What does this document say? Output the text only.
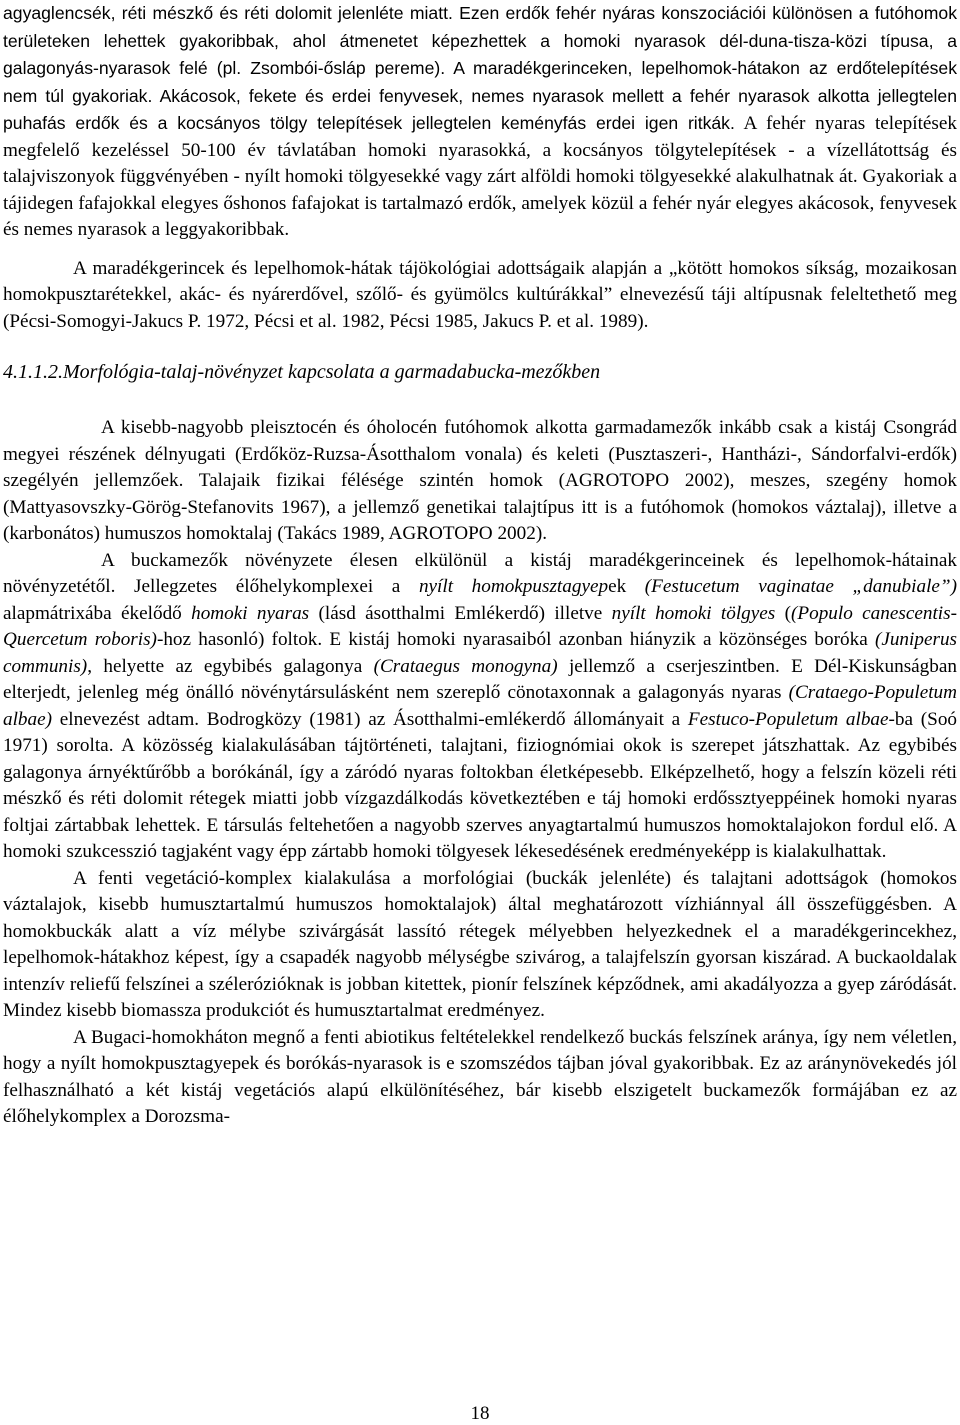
agyaglencsék, réti mészkő és réti dolomit jelenléte miatt. Ezen erdők fehér nyáras konszociációi különösen a futóhomok területeken lehettek gyakoribbak, ahol átmenetet képezhettek a homoki nyarasok dél-duna-tisza-közi típusa, a galagonyás-nyarasok felé (pl. Zsombói-ősláp pereme). A maradékgerinceken, lepelhomok-hátakon az erdőtelepítések nem túl gyakoriak. Akácosok, fekete és erdei fenyvesek, nemes nyarasok mellett a fehér nyarasok alkotta jellegtelen puhafás erdők és a kocsányos tölgy telepítések jellegtelen keményfás erdei igen ritkák. A fehér nyaras telepítések megfelelő kezeléssel 50-100 év távlatában homoki nyarasokká, a kocsányos tölgytelepítések - a vízellátottság és talajviszonyok függvényében - nyílt homoki tölgyesekké vagy zárt alföldi homoki tölgyesekké alakulhatnak át. Gyakoriak a tájidegen fafajokkal elegyes őshonos fafajokat is tartalmazó erdők, amelyek közül a fehér nyár elegyes akácosok, fenyvesek és nemes nyarasok a leggyakoribbak.

A maradékgerincek és lepelhomok-hátak tájökológiai adottságaik alapján a „kötött homokos síkság, mozaikosan homokpusztarétekkel, akác- és nyárerdővel, szőlő- és gyümölcs kultúrákkal” elnevezésű táji altípusnak feleltethető meg (Pécsi-Somogyi-Jakucs P. 1972, Pécsi et al. 1982, Pécsi 1985, Jakucs P. et al. 1989).

4.1.1.2.Morfológia-talaj-növényzet kapcsolata a garmadabucka-mezőkben

A kisebb-nagyobb pleisztocén és óholocén futóhomok alkotta garmadamezők inkább csak a kistáj Csongrád megyei részének délnyugati (Erdőköz-Ruzsa-Ásotthalom vonala) és keleti (Pusztaszeri-, Hantházi-, Sándorfalvi-erdők) szegélyén jellemzőek. Talajaik fizikai félésége szintén homok (AGROTOPO 2002), meszes, szegény homok (Mattyasovszky-Görög-Stefanovits 1967), a jellemző genetikai talajtípus itt is a futóhomok (homokos váztalaj), illetve a (karbonátos) humuszos homoktalaj (Takács 1989, AGROTOPO 2002).

A buckamezők növényzete élesen elkülönül a kistáj maradékgerinceinek és lepelhomok-hátainak növényzetétől. Jellegzetes élőhelykomplexei a nyílt homokpusztagyepek (Festucetum vaginatae „danubiale”) alapmátrixába ékelődő homoki nyaras (lásd ásotthalmi Emlékerdő) illetve nyílt homoki tölgyes ((Populo canescentis-Quercetum roboris)-hoz hasonló) foltok. E kistáj homoki nyarasaiból azonban hiányzik a közönséges boróka (Juniperus communis), helyette az egybibés galagonya (Crataegus monogyna) jellemző a cserjeszintben. E Dél-Kiskunságban elterjedt, jelenleg még önálló növénytársulásként nem szereplő cönotaxonnak a galagonyás nyaras (Crataego-Populetum albae) elnevezést adtam. Bodrogközy (1981) az Ásotthalmi-emlékerdő állományait a Festuco-Populetum albae-ba (Soó 1971) sorolta. A közösség kialakulásában tájtörténeti, talajtani, fiziognómiai okok is szerepet játszhattak. Az egybibés galagonya árnyéktűrőbb a borókánál, így a záródó nyaras foltokban életképesebb. Elképzelhető, hogy a felszín közeli réti mészkő és réti dolomit rétegek miatti jobb vízgazdálkodás következtében e táj homoki erdőssztyeppéinek homoki nyaras foltjai zártabbak lehettek. E társulás feltehetően a nagyobb szerves anyagtartalmú humuszos homoktalajokon fordul elő. A homoki szukcesszió tagjaként vagy épp zártabb homoki tölgyesek lékesedésének eredményeképp is kialakulhattak.

A fenti vegetáció-komplex kialakulása a morfológiai (buckák jelenléte) és talajtani adottságok (homokos váztalajok, kisebb humusztartalmú humuszos homoktalajok) által meghatározott vízhiánnyal áll összefüggésben. A homokbuckák alatt a víz mélybe szivárgását lassító rétegek mélyebben helyezkednek el a maradékgerincekhez, lepelhomok-hátakhoz képest, így a csapadék nagyobb mélységbe szivárog, a talajfelszín gyorsan kiszárad. A buckaoldalak intenzív reliefű felszínei a szélerózióknak is jobban kitettek, pionír felszínek képződnek, ami akadályozza a gyep záródását. Mindez kisebb biomassza produkciót és humusztartalmat eredményez.

A Bugaci-homokháton megnő a fenti abiotikus feltételekkel rendelkező buckás felszínek aránya, így nem véletlen, hogy a nyílt homokpusztagyepek és borókás-nyarasok is e szomszédos tájban jóval gyakoribbak. Ez az aránynövekedés jól felhasználható a két kistáj vegetációs alapú elkülönítéséhez, bár kisebb elszigetelt buckamezők formájában ez az élőhelykomplex a Dorozsma-

18
